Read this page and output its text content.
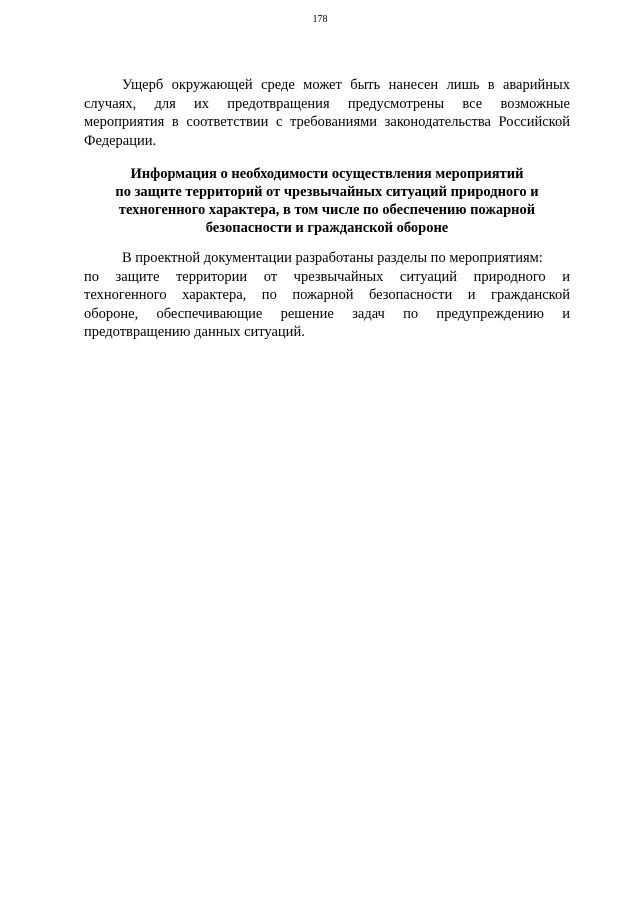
178
Ущерб окружающей среде может быть нанесен лишь в аварийных
случаях, для их предотвращения предусмотрены все возможные
мероприятия в соответствии с требованиями законодательства Российской
Федерации.
Информация о необходимости осуществления мероприятий
по защите территорий от чрезвычайных ситуаций природного и
техногенного характера, в том числе по обеспечению пожарной
безопасности и гражданской обороне
В проектной документации разработаны разделы по мероприятиям:
по защите территории от чрезвычайных ситуаций природного и
техногенного характера, по пожарной безопасности и гражданской
обороне, обеспечивающие решение задач по предупреждению и
предотвращению данных ситуаций.
